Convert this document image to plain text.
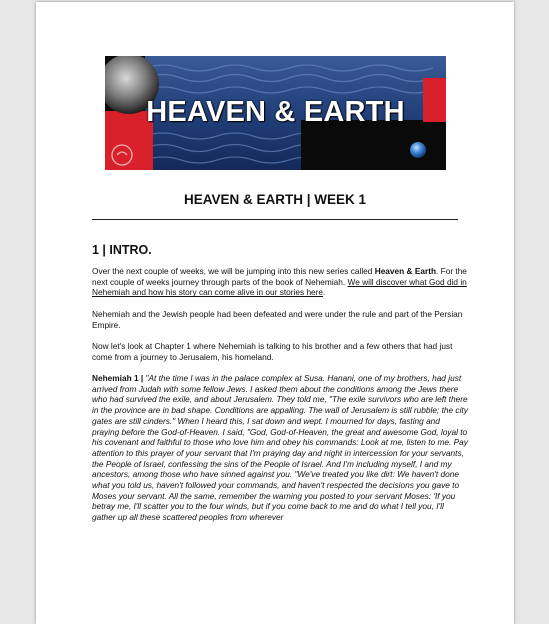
HEAVEN & EARTH
HEAVEN & EARTH | WEEK 1
1 | INTRO.

Over the next couple of weeks, we will be jumping into this new series called Heaven & Earth. For the next couple of weeks journey through parts of the book of Nehemiah. We will discover what God did in Nehemiah and how his story can come alive in our stories here.

Nehemiah and the Jewish people had been defeated and were under the rule and part of the Persian Empire.

Now let's look at Chapter 1 where Nehemiah is talking to his brother and a few others that had just come from a journey to Jerusalem, his homeland.

Nehemiah 1 | "At the time I was in the palace complex at Susa. Hanani, one of my brothers, had just arrived from Judah with some fellow Jews. I asked them about the conditions among the Jews there who had survived the exile, and about Jerusalem. They told me, "The exile survivors who are left there in the province are in bad shape. Conditions are appalling. The wall of Jerusalem is still rubble; the city gates are still cinders." When I heard this, I sat down and wept. I mourned for days, fasting and praying before the God-of-Heaven. I said, "God, God-of-Heaven, the great and awesome God, loyal to his covenant and faithful to those who love him and obey his commands: Look at me, listen to me. Pay attention to this prayer of your servant that I'm praying day and night in intercession for your servants, the People of Israel, confessing the sins of the People of Israel. And I'm including myself, I and my ancestors, among those who have sinned against you. "We've treated you like dirt: We haven't done what you told us, haven't followed your commands, and haven't respected the decisions you gave to Moses your servant. All the same, remember the warning you posted to your servant Moses: 'If you betray me, I'll scatter you to the four winds, but if you come back to me and do what I tell you, I'll gather up all these scattered peoples from wherever
